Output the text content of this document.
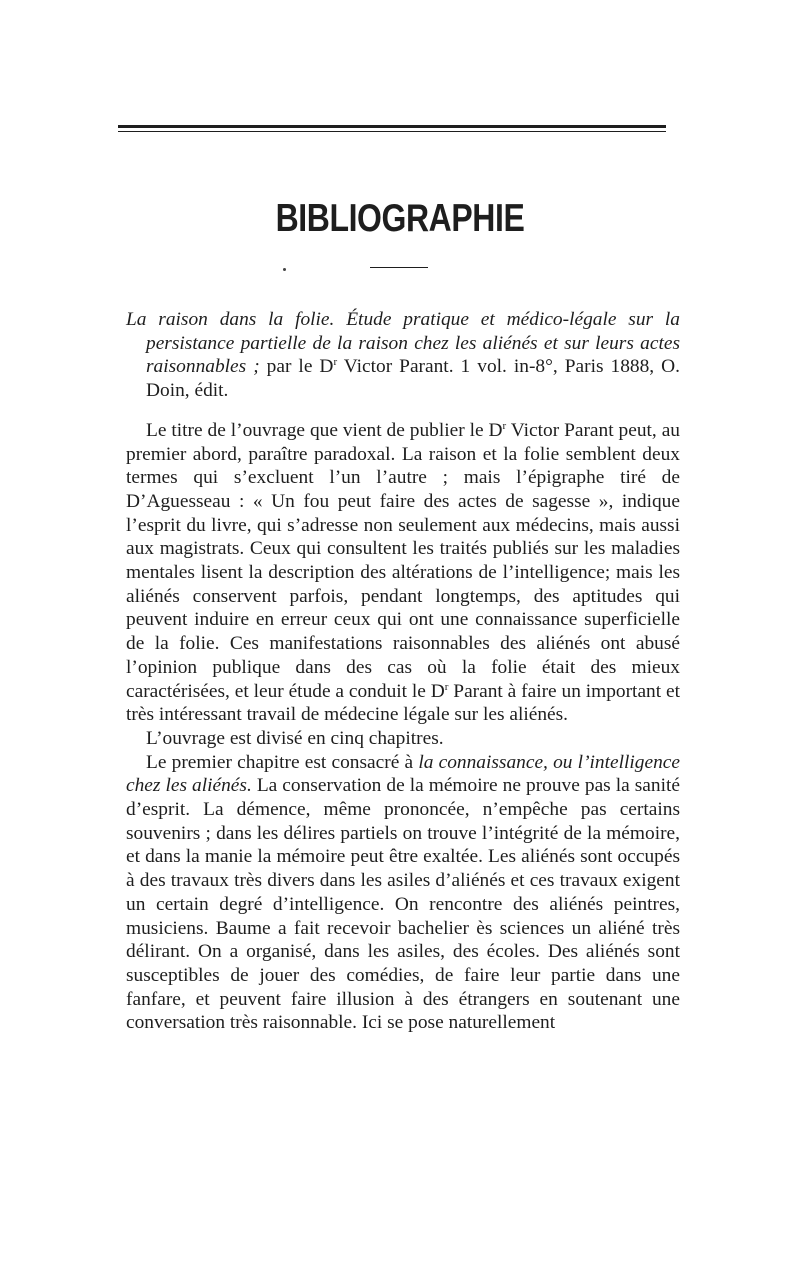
BIBLIOGRAPHIE

La raison dans la folie. Étude pratique et médico-légale sur la persistance partielle de la raison chez les aliénés et sur leurs actes raisonnables ; par le $D^r$ Victor Parant. 1 vol. in-8°, Paris 1888, O. Doin, édit.

Le titre de l’ouvrage que vient de publier le $D^r$ Victor Parant peut, au premier abord, paraître paradoxal. La raison et la folie semblent deux termes qui s’excluent l’un l’autre ; mais l’épigraphe tiré de D’Aguesseau : « Un fou peut faire des actes de sagesse », indique l’esprit du livre, qui s’adresse non seulement aux médecins, mais aussi aux magistrats. Ceux qui consultent les traités publiés sur les maladies mentales lisent la description des altérations de l’intelligence; mais les aliénés conservent parfois, pendant longtemps, des aptitudes qui peuvent induire en erreur ceux qui ont une connaissance superficielle de la folie. Ces manifestations raisonnables des aliénés ont abusé l’opinion publique dans des cas où la folie était des mieux caractérisées, et leur étude a conduit le $D^r$ Parant à faire un important et très intéressant travail de médecine légale sur les aliénés.

L’ouvrage est divisé en cinq chapitres.

Le premier chapitre est consacré à la connaissance, ou l’intelligence chez les aliénés. La conservation de la mémoire ne prouve pas la sanité d’esprit. La démence, même prononcée, n’empêche pas certains souvenirs ; dans les délires partiels on trouve l’intégrité de la mémoire, et dans la manie la mémoire peut être exaltée. Les aliénés sont occupés à des travaux très divers dans les asiles d’aliénés et ces travaux exigent un certain degré d’intelligence. On rencontre des aliénés peintres, musiciens. Baume a fait recevoir bachelier ès sciences un aliéné très délirant. On a organisé, dans les asiles, des écoles. Des aliénés sont susceptibles de jouer des comédies, de faire leur partie dans une fanfare, et peuvent faire illusion à des étrangers en soutenant une conversation très raisonnable. Ici se pose naturellement
